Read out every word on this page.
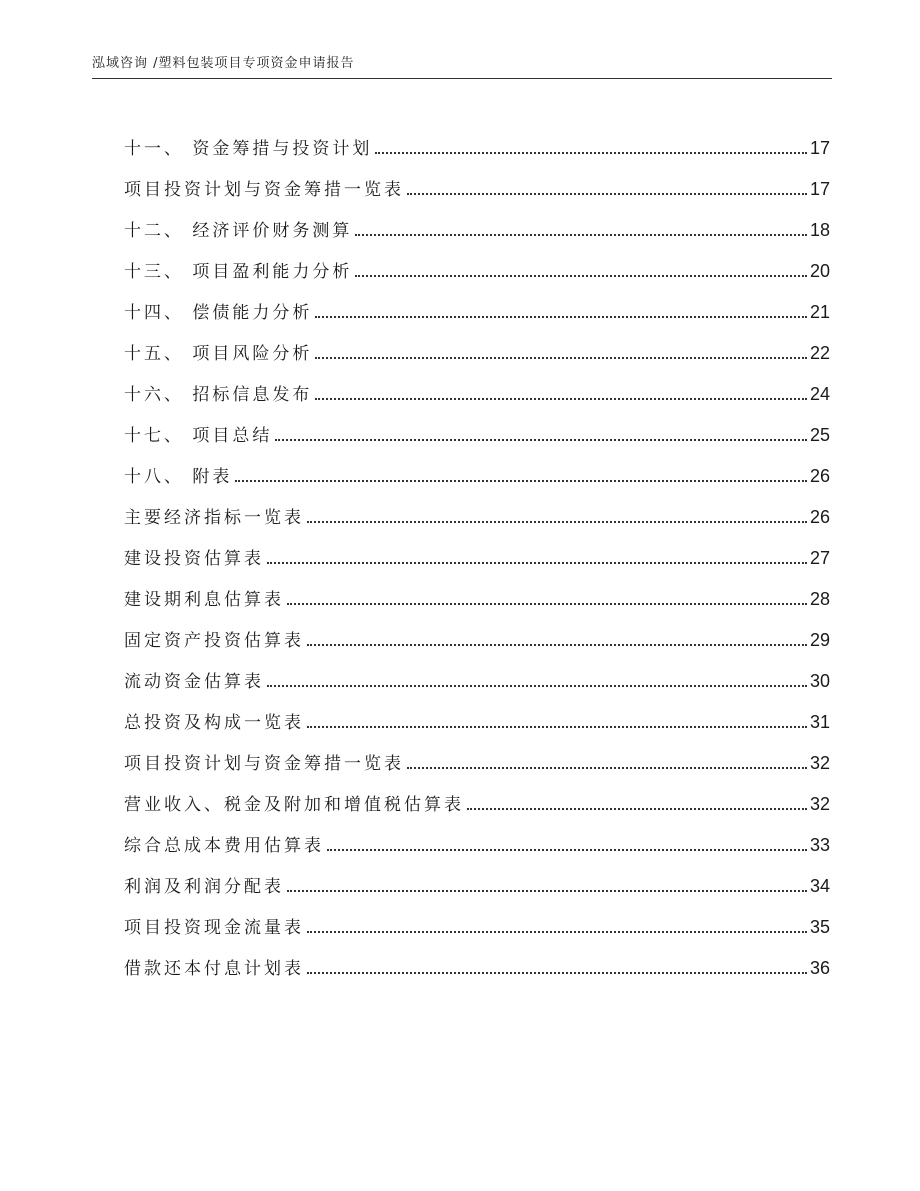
泓域咨询 /塑料包装项目专项资金申请报告
十一、 资金筹措与投资计划	17
项目投资计划与资金筹措一览表	17
十二、 经济评价财务测算	18
十三、 项目盈利能力分析	20
十四、 偿债能力分析	21
十五、 项目风险分析	22
十六、 招标信息发布	24
十七、 项目总结	25
十八、 附表	26
主要经济指标一览表	26
建设投资估算表	27
建设期利息估算表	28
固定资产投资估算表	29
流动资金估算表	30
总投资及构成一览表	31
项目投资计划与资金筹措一览表	32
营业收入、税金及附加和增值税估算表	32
综合总成本费用估算表	33
利润及利润分配表	34
项目投资现金流量表	35
借款还本付息计划表	36
